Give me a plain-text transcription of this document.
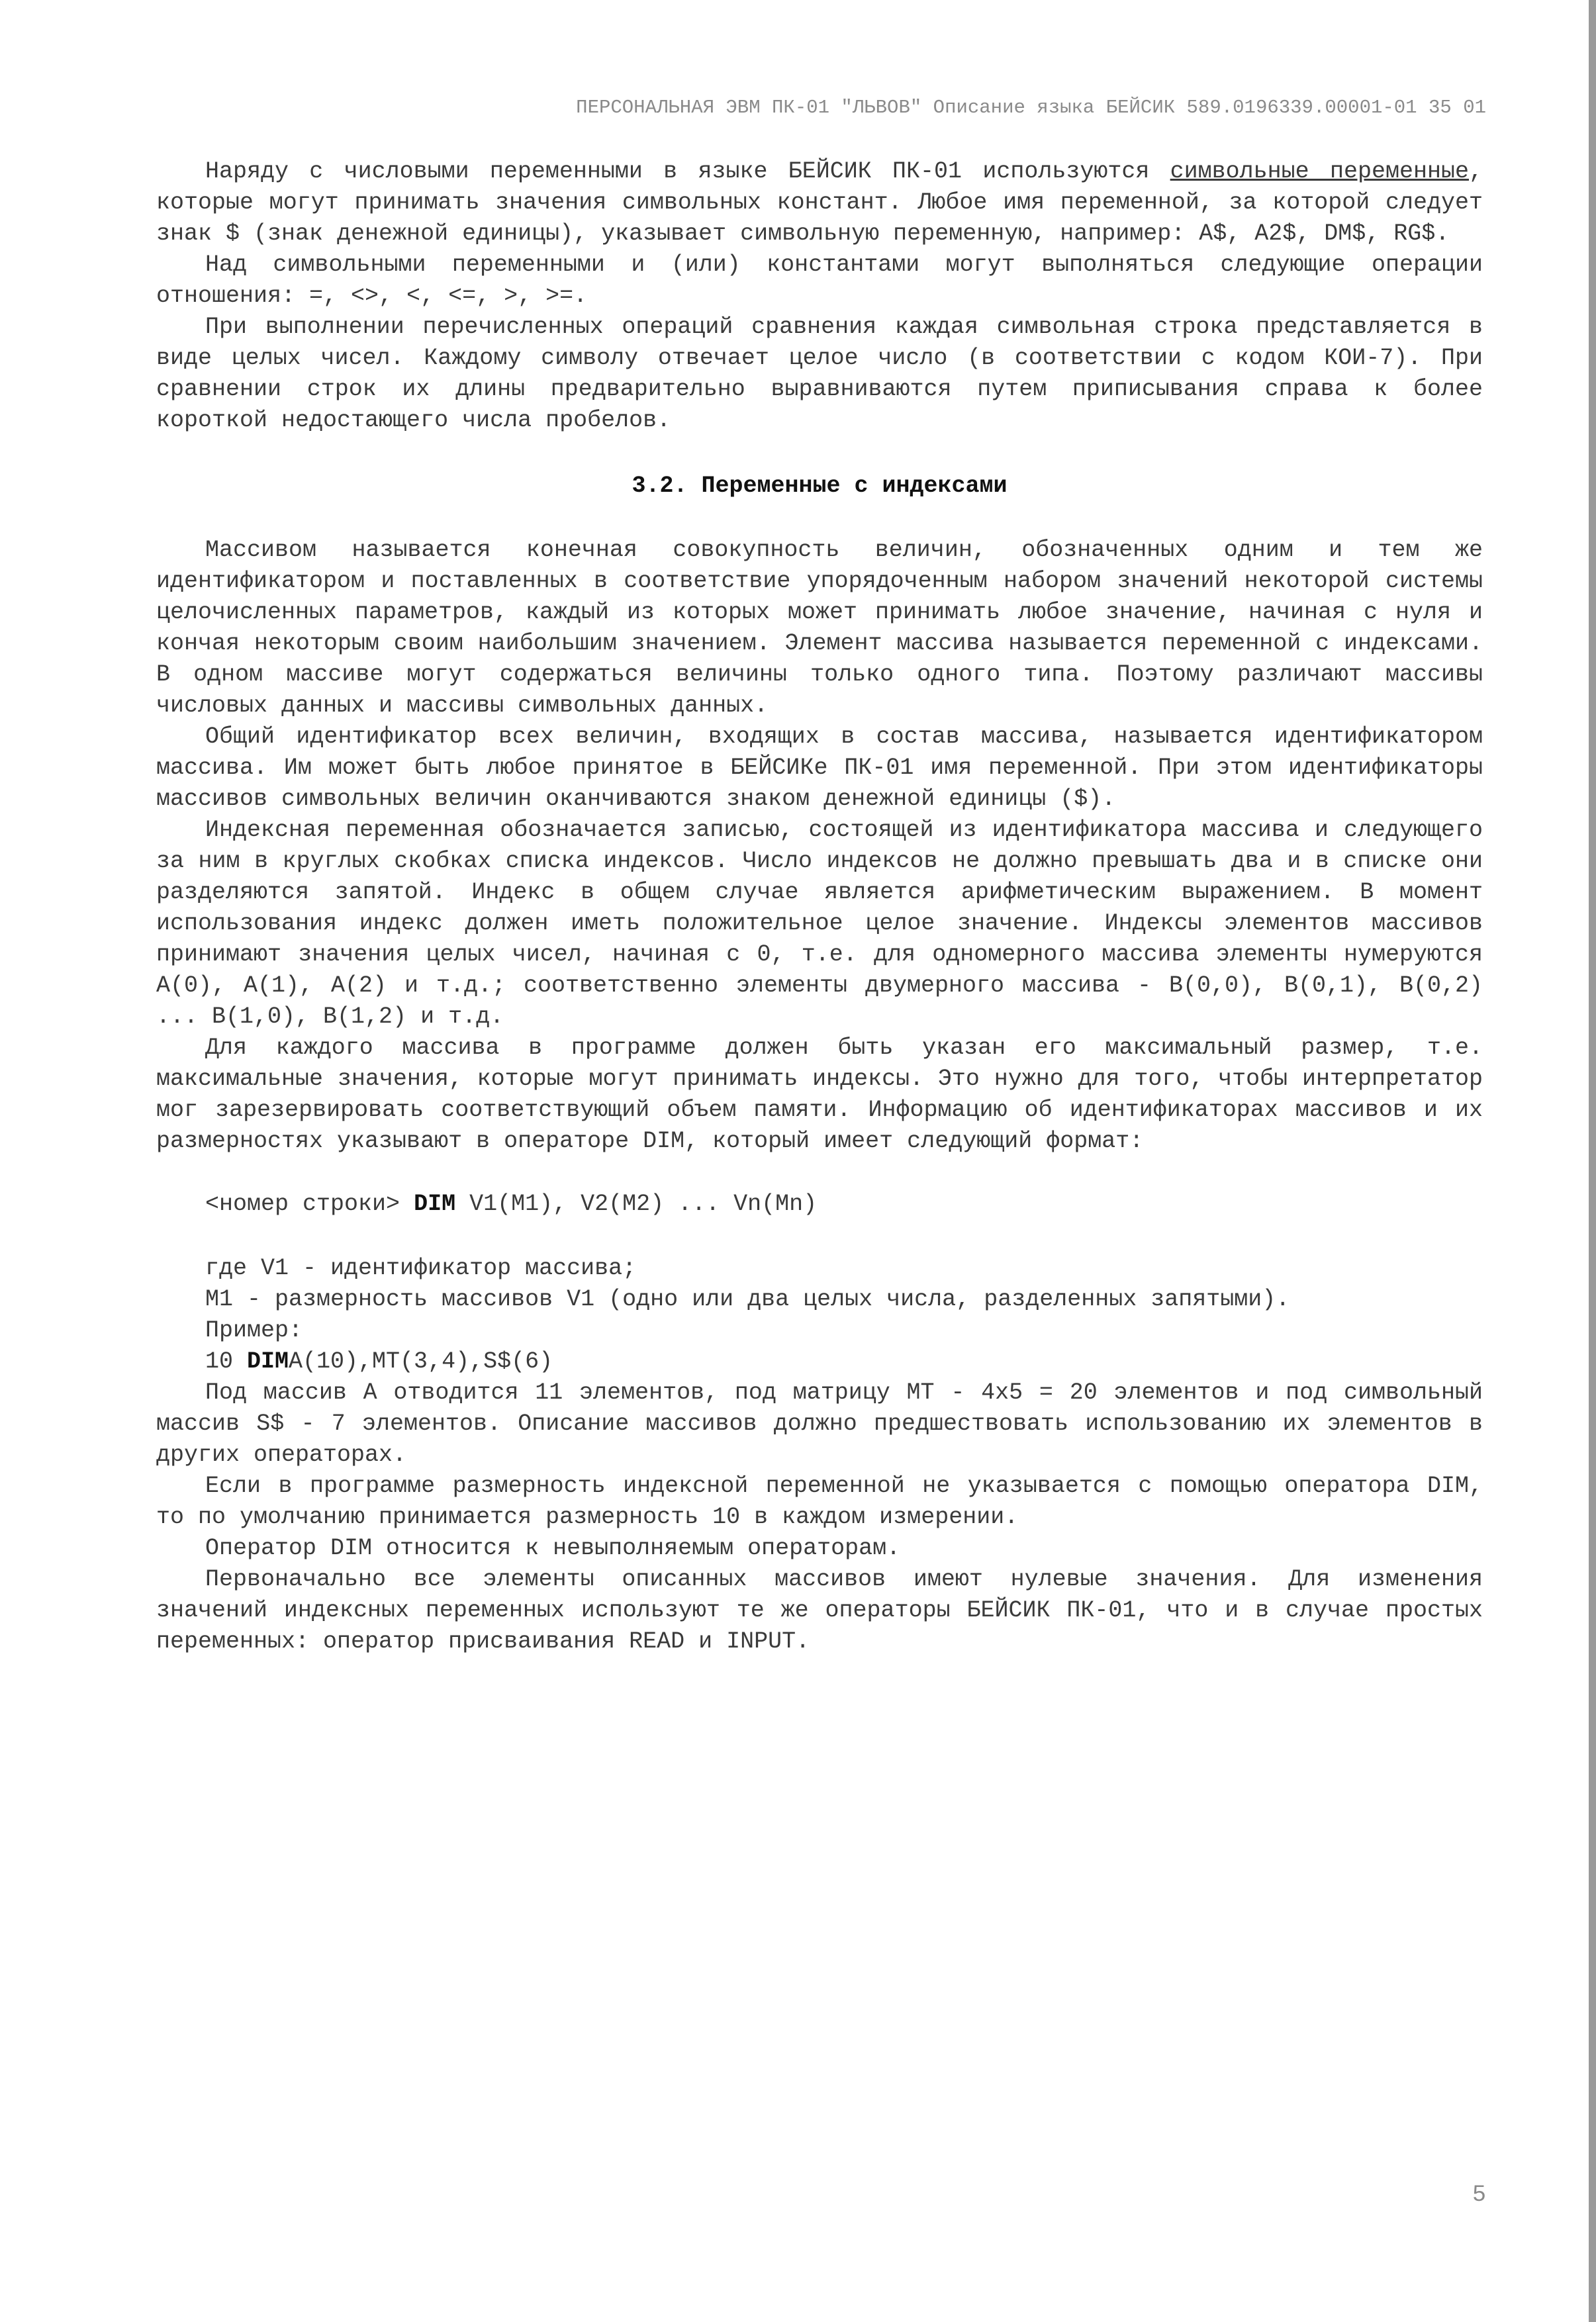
ПЕРСОНАЛЬНАЯ ЭВМ ПК-01 "ЛЬВОВ" Описание языка БЕЙСИК 589.0196339.00001-01 35 01

Наряду с числовыми переменными в языке БЕЙСИК ПК-01 используются символьные переменные, которые могут принимать значения символьных констант. Любое имя переменной, за которой следует знак $ (знак денежной единицы), указывает символьную переменную, например: A$, A2$, DM$, RG$.

Над символьными переменными и (или) константами могут выполняться следующие операции отношения: =, <>, <, <=, >, >=.

При выполнении перечисленных операций сравнения каждая символьная строка представляется в виде целых чисел. Каждому символу отвечает целое число (в соответствии с кодом КОИ-7). При сравнении строк их длины предварительно выравниваются путем приписывания справа к более короткой недостающего числа пробелов.

3.2. Переменные с индексами

Массивом называется конечная совокупность величин, обозначенных одним и тем же идентификатором и поставленных в соответствие упорядоченным набором значений некоторой системы целочисленных параметров, каждый из которых может принимать любое значение, начиная с нуля и кончая некоторым своим наибольшим значением. Элемент массива называется переменной с индексами. В одном массиве могут содержаться величины только одного типа. Поэтому различают массивы числовых данных и массивы символьных данных.

Общий идентификатор всех величин, входящих в состав массива, называется идентификатором массива. Им может быть любое принятое в БЕЙСИКе ПК-01 имя переменной. При этом идентификаторы массивов символьных величин оканчиваются знаком денежной единицы ($).

Индексная переменная обозначается записью, состоящей из идентификатора массива и следующего за ним в круглых скобках списка индексов. Число индексов не должно превышать два и в списке они разделяются запятой. Индекс в общем случае является арифметическим выражением. В момент использования индекс должен иметь положительное целое значение. Индексы элементов массивов принимают значения целых чисел, начиная с 0, т.е. для одномерного массива элементы нумеруются A(0), A(1), A(2) и т.д.; соответственно элементы двумерного массива - B(0,0), B(0,1), B(0,2) ... B(1,0), B(1,2) и т.д.

Для каждого массива в программе должен быть указан его максимальный размер, т.е. максимальные значения, которые могут принимать индексы. Это нужно для того, чтобы интерпретатор мог зарезервировать соответствующий объем памяти. Информацию об идентификаторах массивов и их размерностях указывают в операторе DIM, который имеет следующий формат:

<номер строки> DIM V1(M1), V2(M2) ... Vn(Mn)

где V1 - идентификатор массива;

M1 - размерность массивов V1 (одно или два целых числа, разделенных запятыми).

Пример:

10 DIMA(10),MT(3,4),S$(6)

Под массив A отводится 11 элементов, под матрицу MT - 4x5 = 20 элементов и под символьный массив S$ - 7 элементов. Описание массивов должно предшествовать использованию их элементов в других операторах.

Если в программе размерность индексной переменной не указывается с помощью оператора DIM, то по умолчанию принимается размерность 10 в каждом измерении.

Оператор DIM относится к невыполняемым операторам.

Первоначально все элементы описанных массивов имеют нулевые значения. Для изменения значений индексных переменных используют те же операторы БЕЙСИК ПК-01, что и в случае простых переменных: оператор присваивания READ и INPUT.

5
